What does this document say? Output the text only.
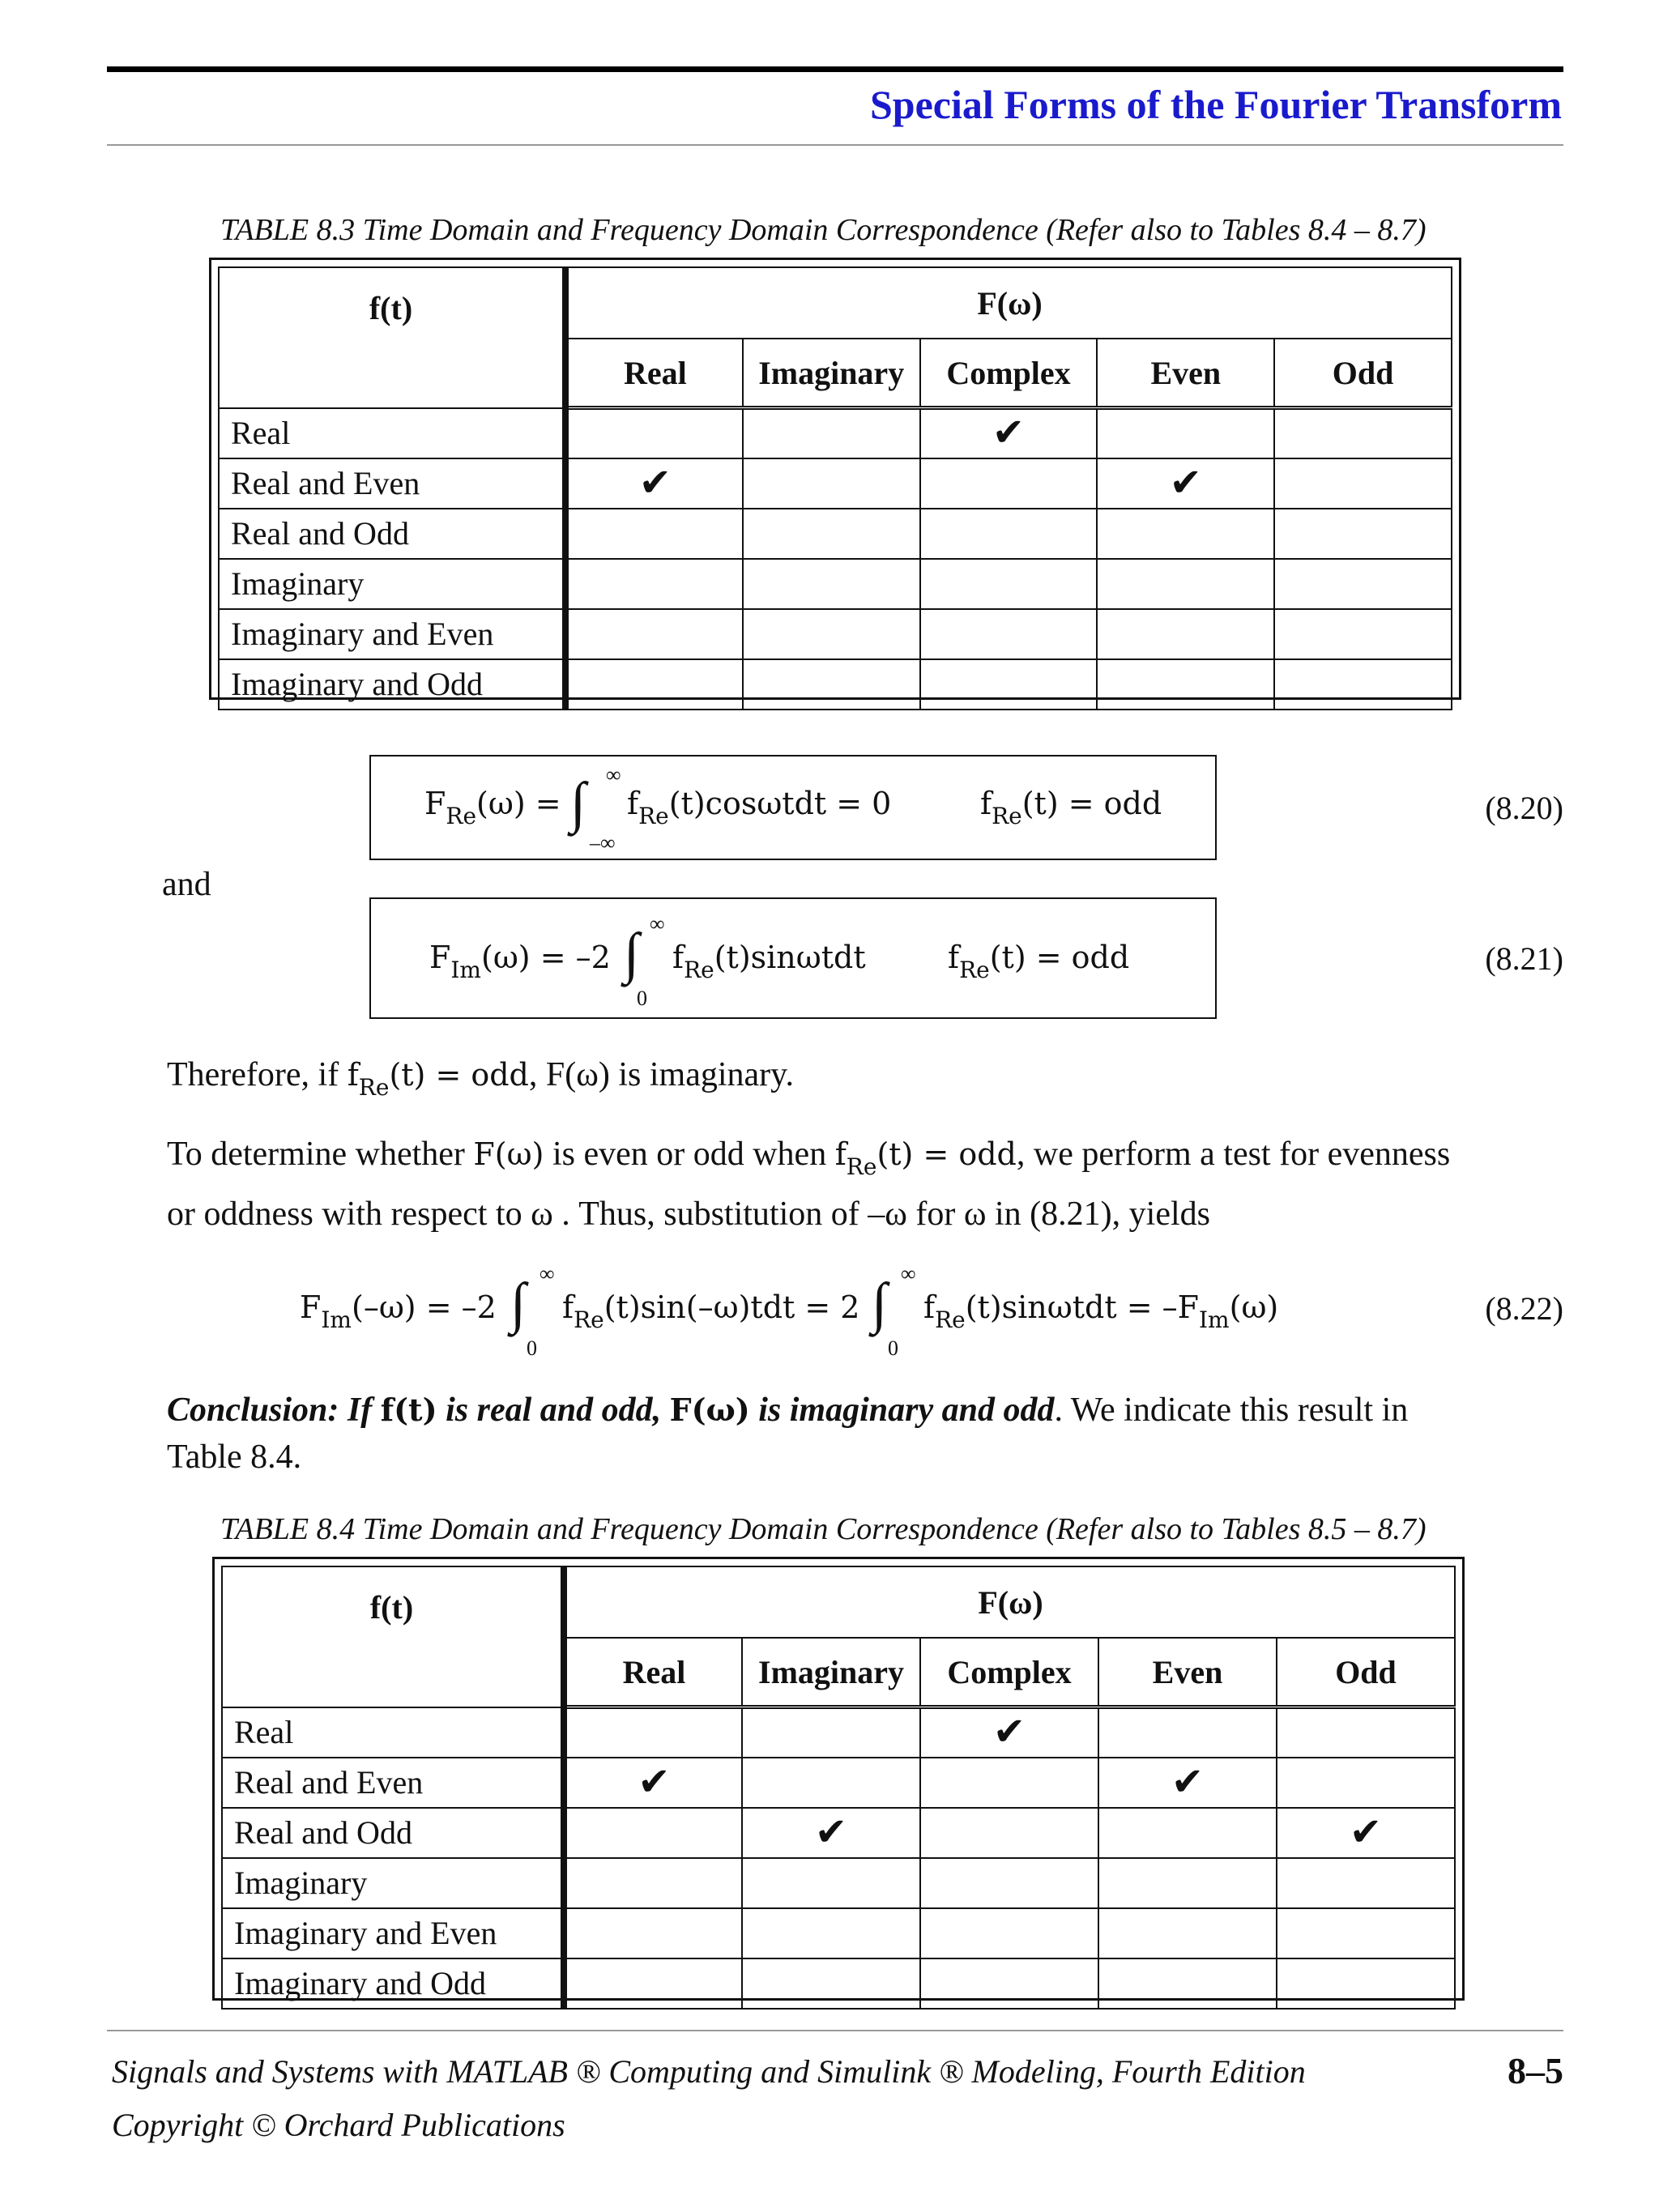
Special Forms of the Fourier Transform
TABLE 8.3 Time Domain and Frequency Domain Correspondence (Refer also to Tables 8.4 – 8.7)
f(t)	F(ω)				
	Real	Imaginary	Complex	Even	Odd
Real			✔		
Real and Even	✔			✔	
Real and Odd					
Imaginary					
Imaginary and Even					
Imaginary and Odd					
$F_{Re}(\omega)$ = ∫ ∞
–∞
$f_{Re}(t)\cos\omega tdt = 0$	$f_{Re}(t)$ = odd	(8.20)
and
$F_{Im}(\omega) = -2$ ∫ ∞
0
$f_{Re}(t)\sin\omega tdt$	$f_{Re}(t)$ = odd	(8.21)
Therefore, if $f_{Re}(t)$ = odd, F(ω) is imaginary.
To determine whether F(ω) is even or odd when $f_{Re}(t)$ = odd, we perform a test for evenness
or oddness with respect to ω . Thus, substitution of –ω for ω in (8.21), yields
$F_{Im}(-\omega) = -2$ ∫ ∞
0
$f_{Re}(t)\sin(-\omega)tdt = 2$ ∫ ∞
0
$f_{Re}(t)\sin\omega tdt = -F_{Im}(\omega)$	(8.22)
Conclusion: If f(t) is real and odd, F(ω) is imaginary and odd. We indicate this result in
Table 8.4.
TABLE 8.4 Time Domain and Frequency Domain Correspondence (Refer also to Tables 8.5 – 8.7)
f(t)	F(ω)				
	Real	Imaginary	Complex	Even	Odd
Real			✔		
Real and Even	✔			✔	
Real and Odd		✔			✔
Imaginary					
Imaginary and Even					
Imaginary and Odd					
Signals and Systems with MATLAB ® Computing and Simulink ® Modeling, Fourth Edition	8–5
Copyright © Orchard Publications
